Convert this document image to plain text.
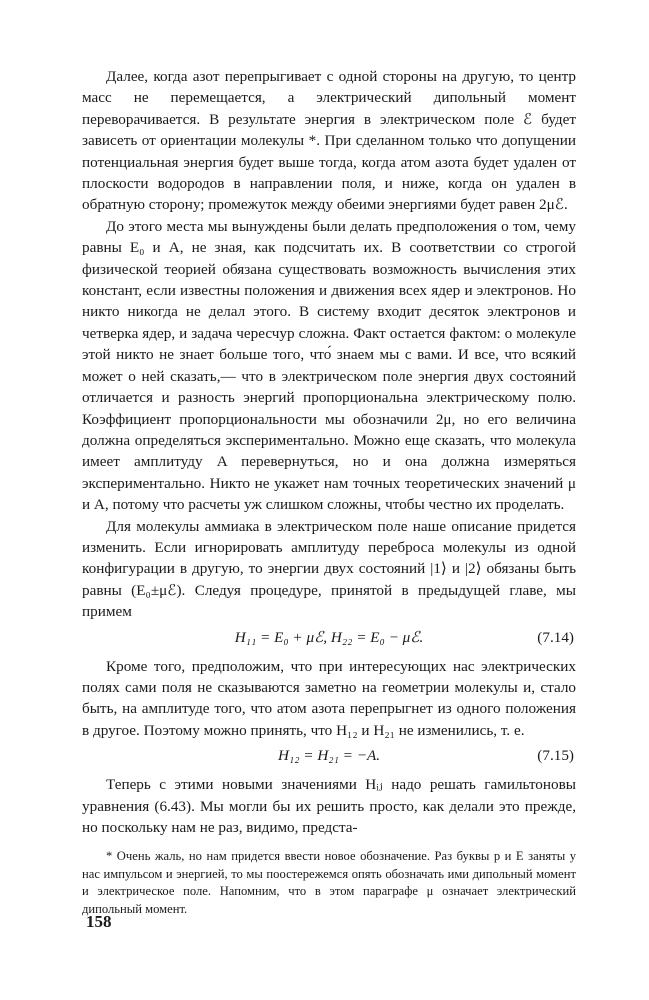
Далее, когда азот перепрыгивает с одной стороны на другую, то центр масс не перемещается, а электрический дипольный момент переворачивается. В результате энергия в электрическом поле ℰ будет зависеть от ориентации молекулы *. При сделанном только что допущении потенциальная энергия будет выше тогда, когда атом азота будет удален от плоскости водородов в направлении поля, и ниже, когда он удален в обратную сторону; промежуток между обеими энергиями будет равен 2μℰ.

До этого места мы вынуждены были делать предположения о том, чему равны E₀ и A, не зная, как подсчитать их. В соответствии со строгой физической теорией обязана существовать возможность вычисления этих констант, если известны положения и движения всех ядер и электронов. Но никто никогда не делал этого. В систему входит десяток электронов и четверка ядер, и задача чересчур сложна. Факт остается фактом: о молекуле этой никто не знает больше того, что́ знаем мы с вами. И все, что всякий может о ней сказать,— что в электрическом поле энергия двух состояний отличается и разность энергий пропорциональна электрическому полю. Коэффициент пропорциональности мы обозначили 2μ, но его величина должна определяться экспериментально. Можно еще сказать, что молекула имеет амплитуду A перевернуться, но и она должна измеряться экспериментально. Никто не укажет нам точных теоретических значений μ и A, потому что расчеты уж слишком сложны, чтобы честно их проделать.

Для молекулы аммиака в электрическом поле наше описание придется изменить. Если игнорировать амплитуду переброса молекулы из одной конфигурации в другую, то энергии двух состояний |1⟩ и |2⟩ обязаны быть равны (E₀±μℰ). Следуя процедуре, принятой в предыдущей главе, мы примем

H₁₁ = E₀ + μℰ, H₂₂ = E₀ − μℰ.	(7.14)

Кроме того, предположим, что при интересующих нас электрических полях сами поля не сказываются заметно на геометрии молекулы и, стало быть, на амплитуде того, что атом азота перепрыгнет из одного положения в другое. Поэтому можно принять, что H₁₂ и H₂₁ не изменились, т. е.

H₁₂ = H₂₁ = −A.	(7.15)

Теперь с этими новыми значениями Hᵢⱼ надо решать гамильтоновы уравнения (6.43). Мы могли бы их решить просто, как делали это прежде, но поскольку нам не раз, видимо, предста-

* Очень жаль, но нам придется ввести новое обозначение. Раз буквы p и E заняты у нас импульсом и энергией, то мы поостережемся опять обозначать ими дипольный момент и электрическое поле. Напомним, что в этом параграфе μ означает электрический дипольный момент.

158
